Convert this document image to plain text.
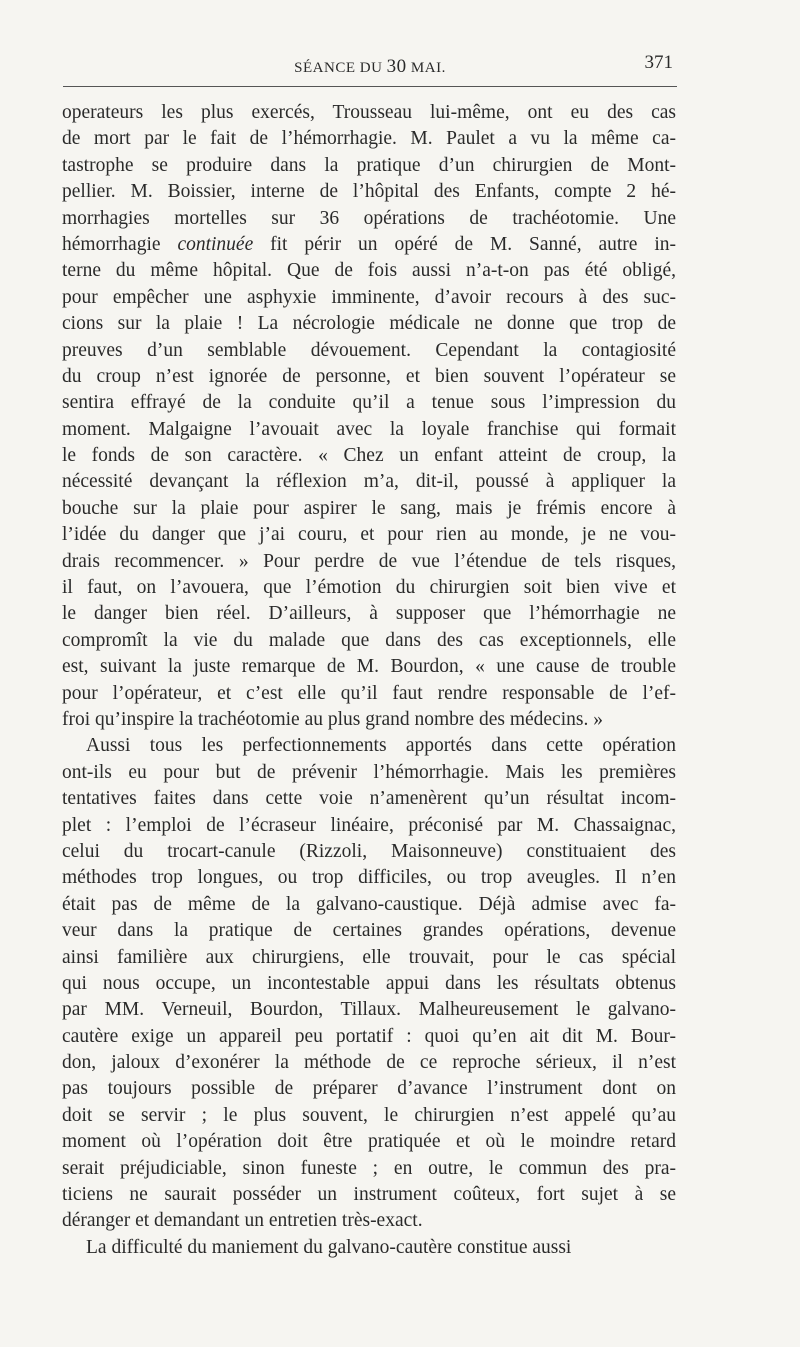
SÉANCE DU 30 MAI.	371
operateurs les plus exercés, Trousseau lui-même, ont eu des cas
de mort par le fait de l’hémorrhagie. M. Paulet a vu la même ca-
tastrophe se produire dans la pratique d’un chirurgien de Mont-
pellier. M. Boissier, interne de l’hôpital des Enfants, compte 2 hé-
morrhagies mortelles sur 36 opérations de trachéotomie. Une
hémorrhagie continuée fit périr un opéré de M. Sanné, autre in-
terne du même hôpital. Que de fois aussi n’a-t-on pas été obligé,
pour empêcher une asphyxie imminente, d’avoir recours à des suc-
cions sur la plaie ! La nécrologie médicale ne donne que trop de
preuves d’un semblable dévouement. Cependant la contagiosité
du croup n’est ignorée de personne, et bien souvent l’opérateur se
sentira effrayé de la conduite qu’il a tenue sous l’impression du
moment. Malgaigne l’avouait avec la loyale franchise qui formait
le fonds de son caractère. « Chez un enfant atteint de croup, la
nécessité devançant la réflexion m’a, dit-il, poussé à appliquer la
bouche sur la plaie pour aspirer le sang, mais je frémis encore à
l’idée du danger que j’ai couru, et pour rien au monde, je ne vou-
drais recommencer. » Pour perdre de vue l’étendue de tels risques,
il faut, on l’avouera, que l’émotion du chirurgien soit bien vive et
le danger bien réel. D’ailleurs, à supposer que l’hémorrhagie ne
compromît la vie du malade que dans des cas exceptionnels, elle
est, suivant la juste remarque de M. Bourdon, « une cause de trouble
pour l’opérateur, et c’est elle qu’il faut rendre responsable de l’ef-
froi qu’inspire la trachéotomie au plus grand nombre des médecins. »
Aussi tous les perfectionnements apportés dans cette opération
ont-ils eu pour but de prévenir l’hémorrhagie. Mais les premières
tentatives faites dans cette voie n’amenèrent qu’un résultat incom-
plet : l’emploi de l’écraseur linéaire, préconisé par M. Chassaignac,
celui du trocart-canule (Rizzoli, Maisonneuve) constituaient des
méthodes trop longues, ou trop difficiles, ou trop aveugles. Il n’en
était pas de même de la galvano-caustique. Déjà admise avec fa-
veur dans la pratique de certaines grandes opérations, devenue
ainsi familière aux chirurgiens, elle trouvait, pour le cas spécial
qui nous occupe, un incontestable appui dans les résultats obtenus
par MM. Verneuil, Bourdon, Tillaux. Malheureusement le galvano-
cautère exige un appareil peu portatif : quoi qu’en ait dit M. Bour-
don, jaloux d’exonérer la méthode de ce reproche sérieux, il n’est
pas toujours possible de préparer d’avance l’instrument dont on
doit se servir ; le plus souvent, le chirurgien n’est appelé qu’au
moment où l’opération doit être pratiquée et où le moindre retard
serait préjudiciable, sinon funeste ; en outre, le commun des pra-
ticiens ne saurait posséder un instrument coûteux, fort sujet à se
déranger et demandant un entretien très-exact.
La difficulté du maniement du galvano-cautère constitue aussi
